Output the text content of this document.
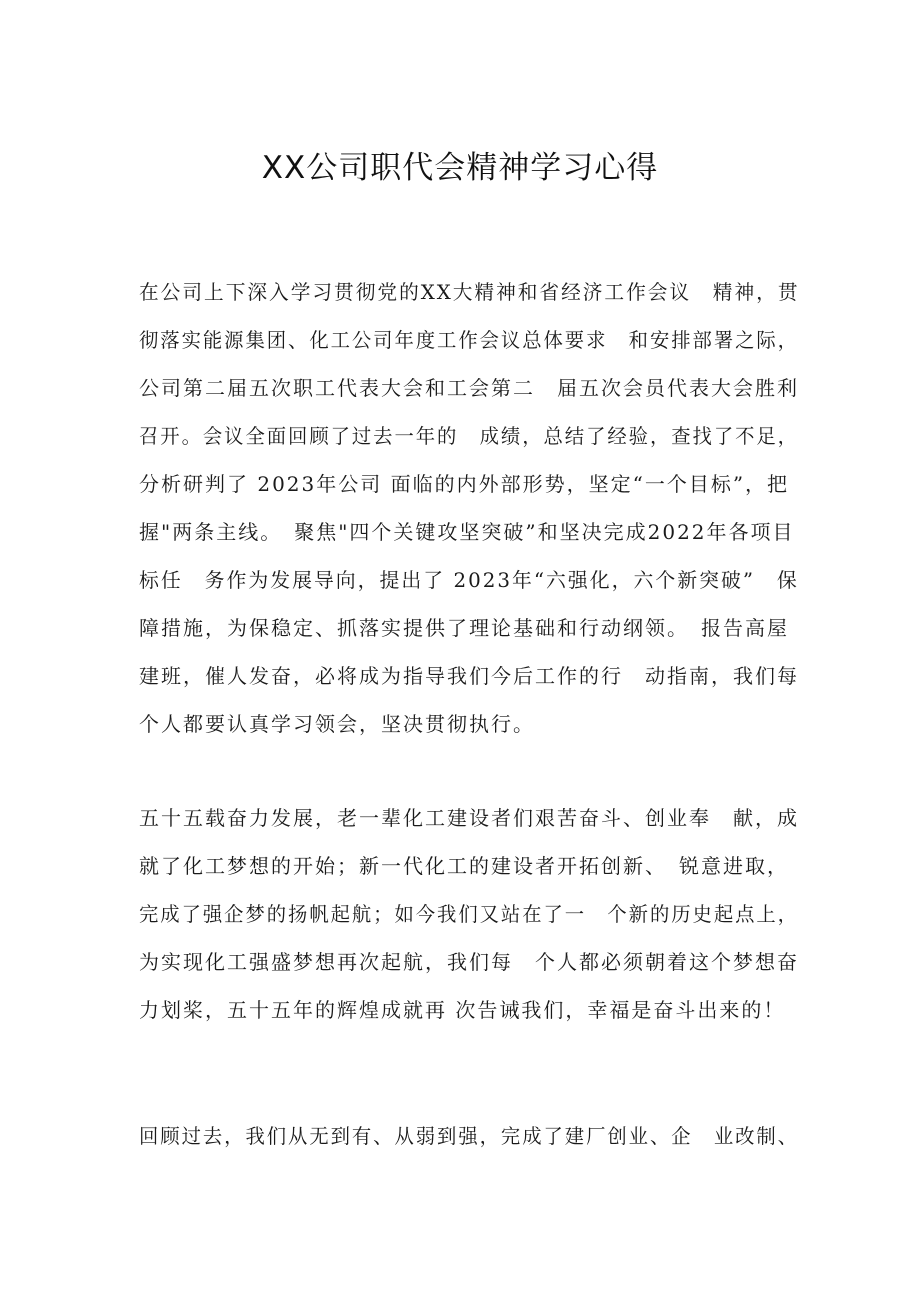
XX公司职代会精神学习心得
在公司上下深入学习贯彻党的XX大精神和省经济工作会议　精神，贯
彻落实能源集团、化工公司年度工作会议总体要求　和安排部署之际，
公司第二届五次职工代表大会和工会第二　届五次会员代表大会胜利
召开。会议全面回顾了过去一年的　成绩，总结了经验，查找了不足，
分析研判了 2023年公司 面临的内外部形势，坚定“一个目标”，把
握"两条主线。　聚焦"四个关键攻坚突破”和坚决完成2022年各项目
标任　务作为发展导向，提出了 2023年“六强化，六个新突破”　保
障措施，为保稳定、抓落实提供了理论基础和行动纲领。　报告高屋
建班，催人发奋，必将成为指导我们今后工作的行　动指南，我们每
个人都要认真学习领会，坚决贯彻执行。
五十五载奋力发展，老一辈化工建设者们艰苦奋斗、创业奉　献，成
就了化工梦想的开始；新一代化工的建设者开拓创新、　锐意进取，
完成了强企梦的扬帆起航；如今我们又站在了一　个新的历史起点上，
为实现化工强盛梦想再次起航，我们每　个人都必须朝着这个梦想奋
力划桨，五十五年的辉煌成就再 次告诫我们，幸福是奋斗出来的！
回顾过去，我们从无到有、从弱到强，完成了建厂创业、企　业改制、
